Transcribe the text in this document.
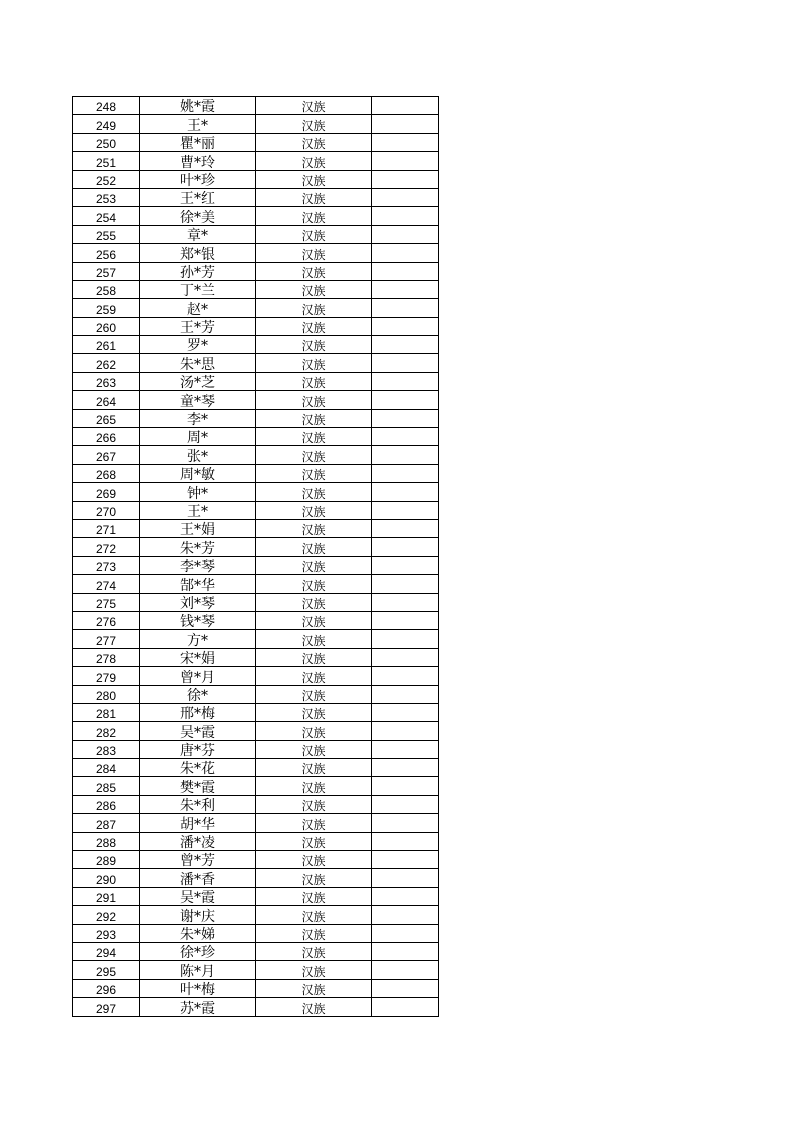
248	姚*霞	汉族	
249	王*	汉族	
250	瞿*丽	汉族	
251	曹*玲	汉族	
252	叶*珍	汉族	
253	王*红	汉族	
254	徐*美	汉族	
255	章*	汉族	
256	郑*银	汉族	
257	孙*芳	汉族	
258	丁*兰	汉族	
259	赵*	汉族	
260	王*芳	汉族	
261	罗*	汉族	
262	朱*思	汉族	
263	汤*芝	汉族	
264	童*琴	汉族	
265	李*	汉族	
266	周*	汉族	
267	张*	汉族	
268	周*敏	汉族	
269	钟*	汉族	
270	王*	汉族	
271	王*娟	汉族	
272	朱*芳	汉族	
273	李*琴	汉族	
274	郜*华	汉族	
275	刘*琴	汉族	
276	钱*琴	汉族	
277	方*	汉族	
278	宋*娟	汉族	
279	曾*月	汉族	
280	徐*	汉族	
281	邢*梅	汉族	
282	吴*霞	汉族	
283	唐*芬	汉族	
284	朱*花	汉族	
285	樊*霞	汉族	
286	朱*利	汉族	
287	胡*华	汉族	
288	潘*凌	汉族	
289	曾*芳	汉族	
290	潘*香	汉族	
291	吴*霞	汉族	
292	谢*庆	汉族	
293	朱*娣	汉族	
294	徐*珍	汉族	
295	陈*月	汉族	
296	叶*梅	汉族	
297	苏*霞	汉族	
